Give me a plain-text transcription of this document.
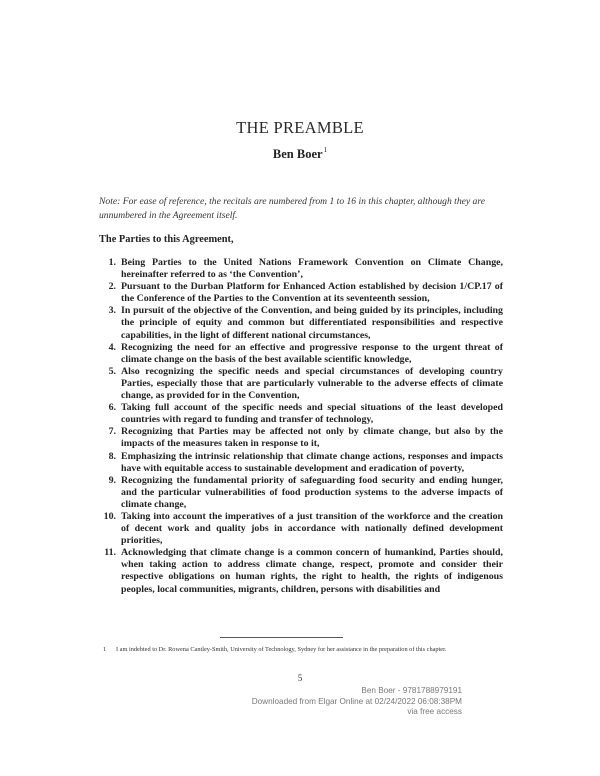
THE PREAMBLE
Ben Boer$^1$
Note: For ease of reference, the recitals are numbered from 1 to 16 in this chapter, although they are unnumbered in the Agreement itself.
The Parties to this Agreement,
1. Being Parties to the United Nations Framework Convention on Climate Change, hereinafter referred to as ‘the Convention’,
2. Pursuant to the Durban Platform for Enhanced Action established by decision 1/CP.17 of the Conference of the Parties to the Convention at its seventeenth session,
3. In pursuit of the objective of the Convention, and being guided by its principles, including the principle of equity and common but differentiated responsibilities and respective capabilities, in the light of different national circumstances,
4. Recognizing the need for an effective and progressive response to the urgent threat of climate change on the basis of the best available scientific knowledge,
5. Also recognizing the specific needs and special circumstances of developing country Parties, especially those that are particularly vulnerable to the adverse effects of climate change, as provided for in the Convention,
6. Taking full account of the specific needs and special situations of the least developed countries with regard to funding and transfer of technology,
7. Recognizing that Parties may be affected not only by climate change, but also by the impacts of the measures taken in response to it,
8. Emphasizing the intrinsic relationship that climate change actions, responses and impacts have with equitable access to sustainable development and eradication of poverty,
9. Recognizing the fundamental priority of safeguarding food security and ending hunger, and the particular vulnerabilities of food production systems to the adverse impacts of climate change,
10. Taking into account the imperatives of a just transition of the workforce and the creation of decent work and quality jobs in accordance with nationally defined development priorities,
11. Acknowledging that climate change is a common concern of humankind, Parties should, when taking action to address climate change, respect, promote and consider their respective obligations on human rights, the right to health, the rights of indigenous peoples, local communities, migrants, children, persons with disabilities and
1	I am indebted to Dr. Rowena Cantley-Smith, University of Technology, Sydney for her assistance in the preparation of this chapter.
5
Ben Boer - 9781788979191
Downloaded from Elgar Online at 02/24/2022 06:08:38PM
via free access
